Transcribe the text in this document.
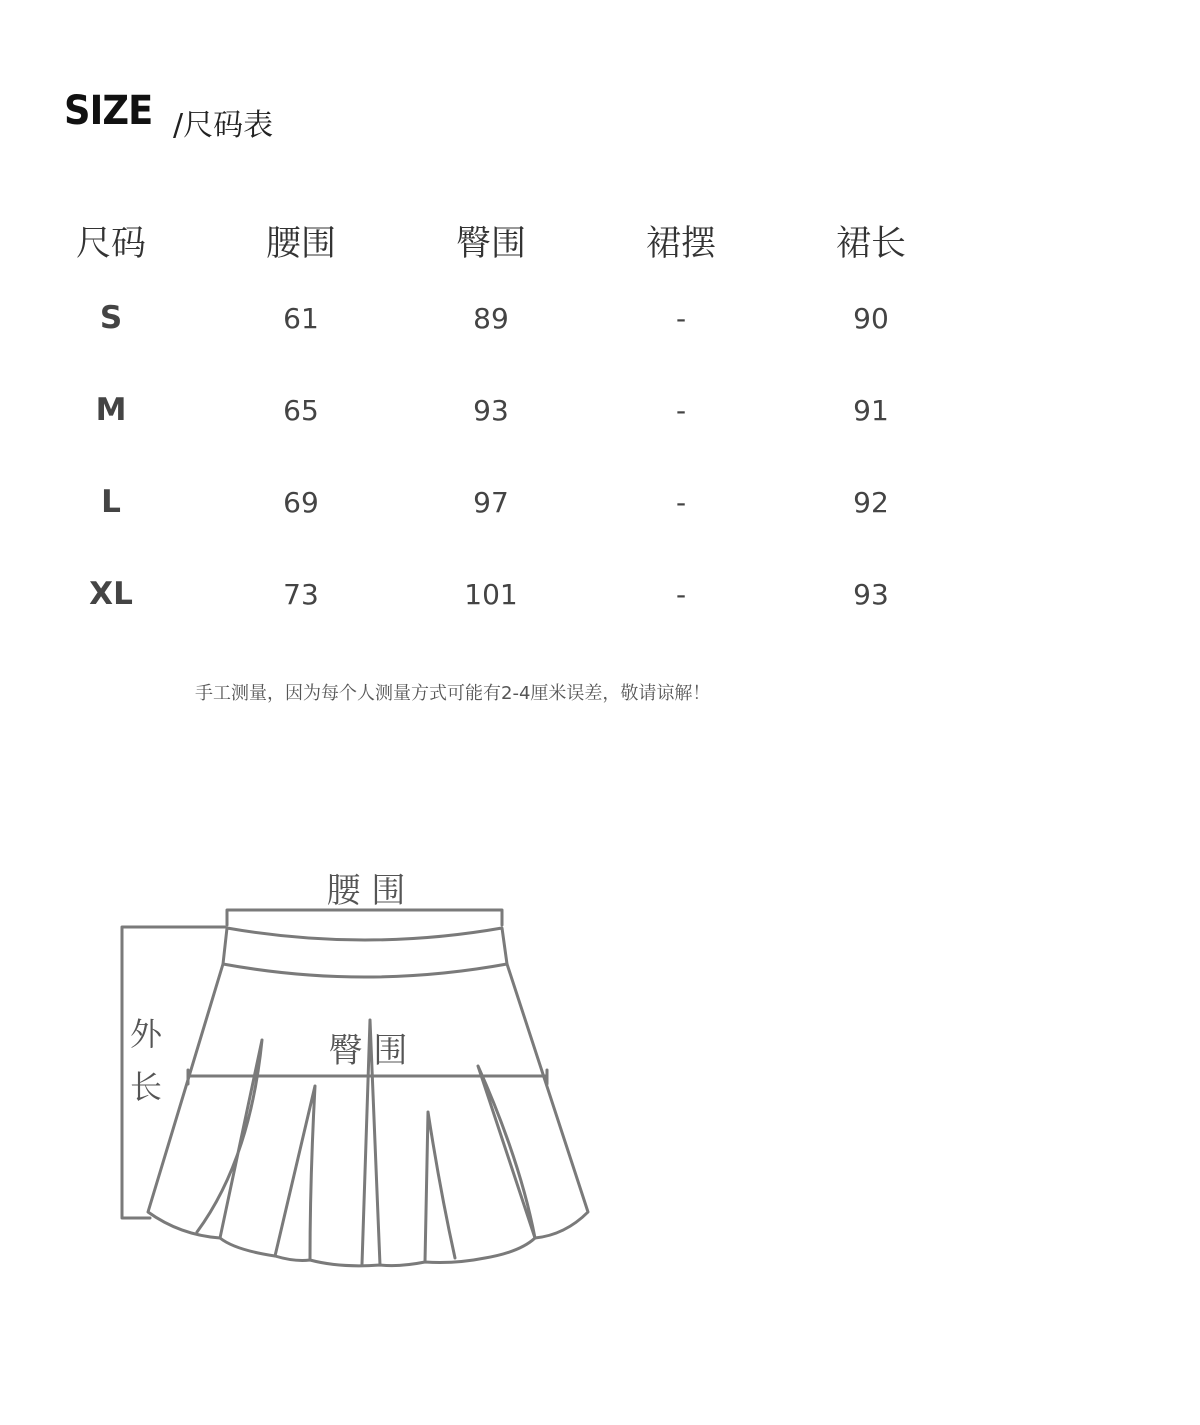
SIZE /尺码表
尺码	腰围	臀围	裙摆	裙长
S	61	89	-	90
M	65	93	-	91
L	69	97	-	92
XL	73	101	-	93
手工测量，因为每个人测量方式可能有2-4厘米误差，敬请谅解！
腰 围
臀 围
外
长
